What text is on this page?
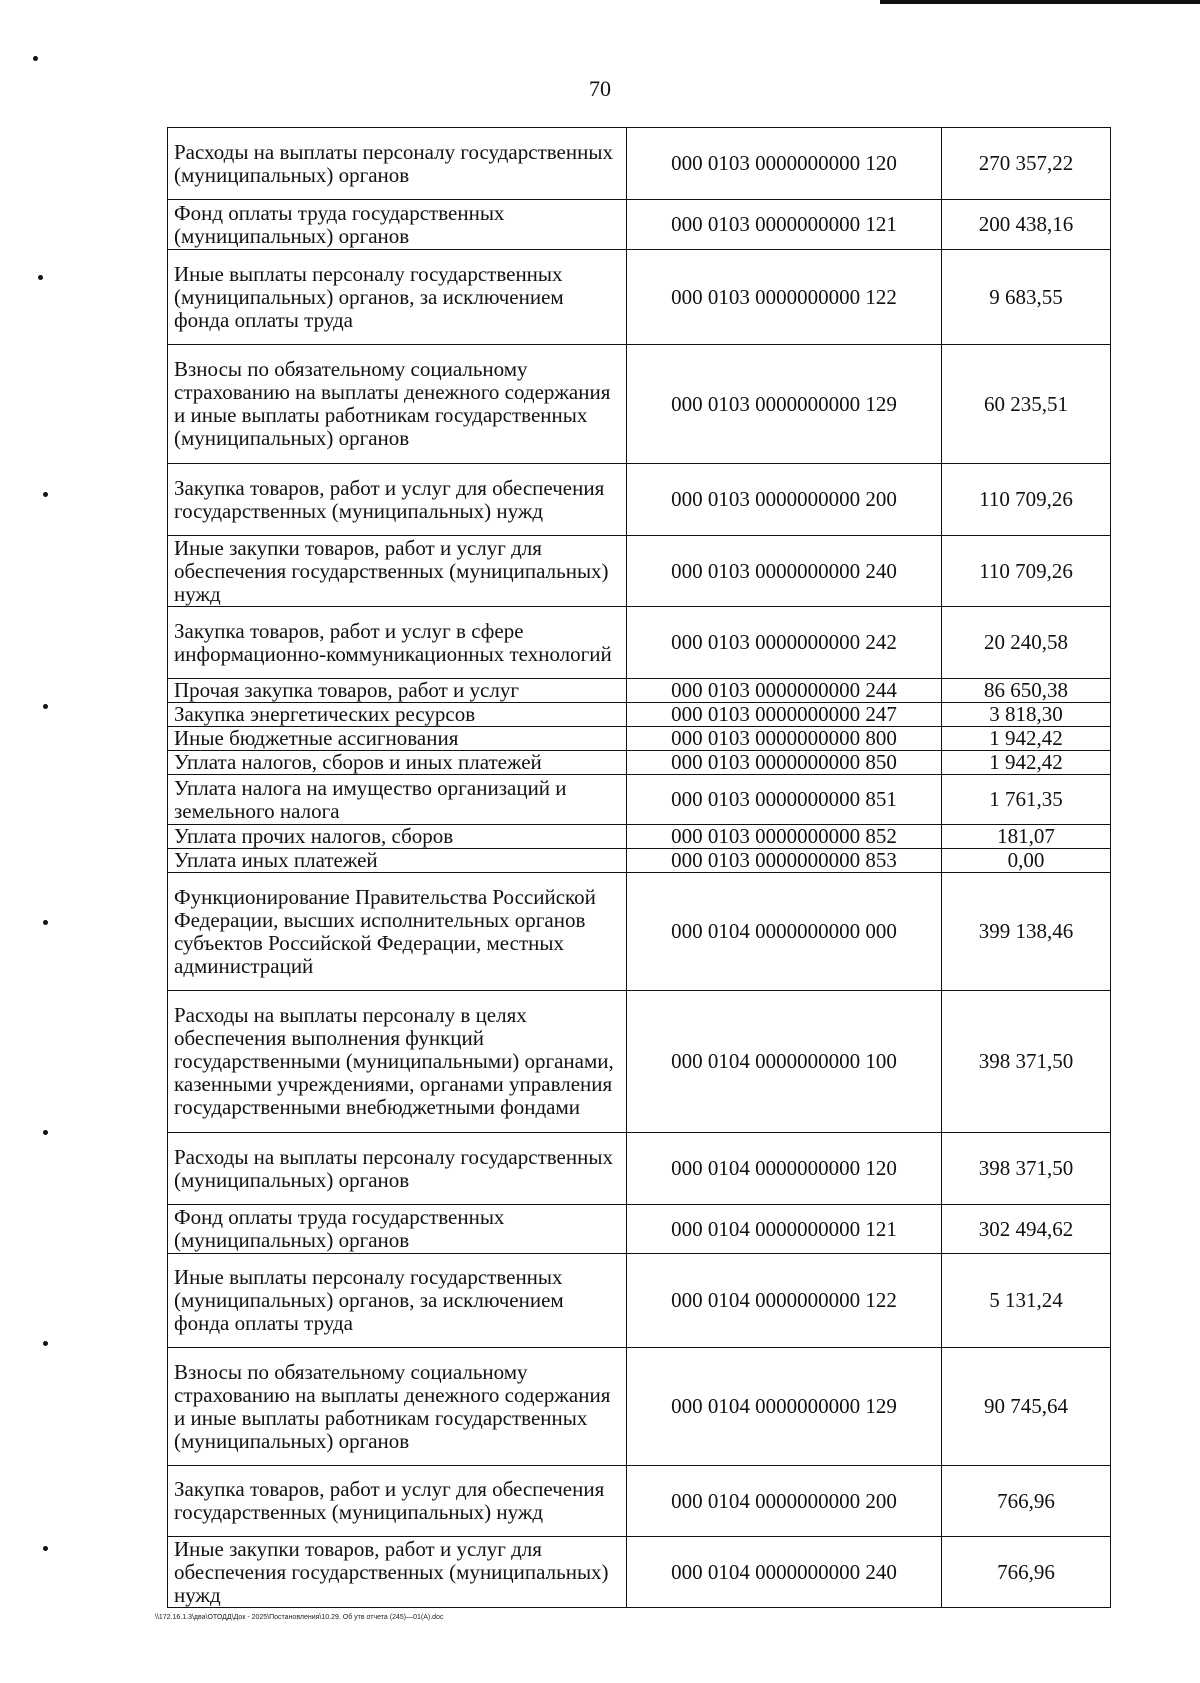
70
Расходы на выплаты персоналу государственных (муниципальных) органов	000 0103 0000000000 120	270 357,22
Фонд оплаты труда государственных (муниципальных) органов	000 0103 0000000000 121	200 438,16
Иные выплаты персоналу государственных (муниципальных) органов, за исключением фонда оплаты труда	000 0103 0000000000 122	9 683,55
Взносы по обязательному социальному страхованию на выплаты денежного содержания и иные выплаты работникам государственных (муниципальных) органов	000 0103 0000000000 129	60 235,51
Закупка товаров, работ и услуг для обеспечения государственных (муниципальных) нужд	000 0103 0000000000 200	110 709,26
Иные закупки товаров, работ и услуг для обеспечения государственных (муниципальных) нужд	000 0103 0000000000 240	110 709,26
Закупка товаров, работ и услуг в сфере информационно-коммуникационных технологий	000 0103 0000000000 242	20 240,58
Прочая закупка товаров, работ и услуг	000 0103 0000000000 244	86 650,38
Закупка энергетических ресурсов	000 0103 0000000000 247	3 818,30
Иные бюджетные ассигнования	000 0103 0000000000 800	1 942,42
Уплата налогов, сборов и иных платежей	000 0103 0000000000 850	1 942,42
Уплата налога на имущество организаций и земельного налога	000 0103 0000000000 851	1 761,35
Уплата прочих налогов, сборов	000 0103 0000000000 852	181,07
Уплата иных платежей	000 0103 0000000000 853	0,00
Функционирование Правительства Российской Федерации, высших исполнительных органов субъектов Российской Федерации, местных администраций	000 0104 0000000000 000	399 138,46
Расходы на выплаты персоналу в целях обеспечения выполнения функций государственными (муниципальными) органами, казенными учреждениями, органами управления государственными внебюджетными фондами	000 0104 0000000000 100	398 371,50
Расходы на выплаты персоналу государственных (муниципальных) органов	000 0104 0000000000 120	398 371,50
Фонд оплаты труда государственных (муниципальных) органов	000 0104 0000000000 121	302 494,62
Иные выплаты персоналу государственных (муниципальных) органов, за исключением фонда оплаты труда	000 0104 0000000000 122	5 131,24
Взносы по обязательному социальному страхованию на выплаты денежного содержания и иные выплаты работникам государственных (муниципальных) органов	000 0104 0000000000 129	90 745,64
Закупка товаров, работ и услуг для обеспечения государственных (муниципальных) нужд	000 0104 0000000000 200	766,96
Иные закупки товаров, работ и услуг для обеспечения государственных (муниципальных) нужд	000 0104 0000000000 240	766,96
\\172.16.1.3\два\ОТОДД\Док - 2025\Постановления\10.29. Об утв отчета (245)—01(А).doc
